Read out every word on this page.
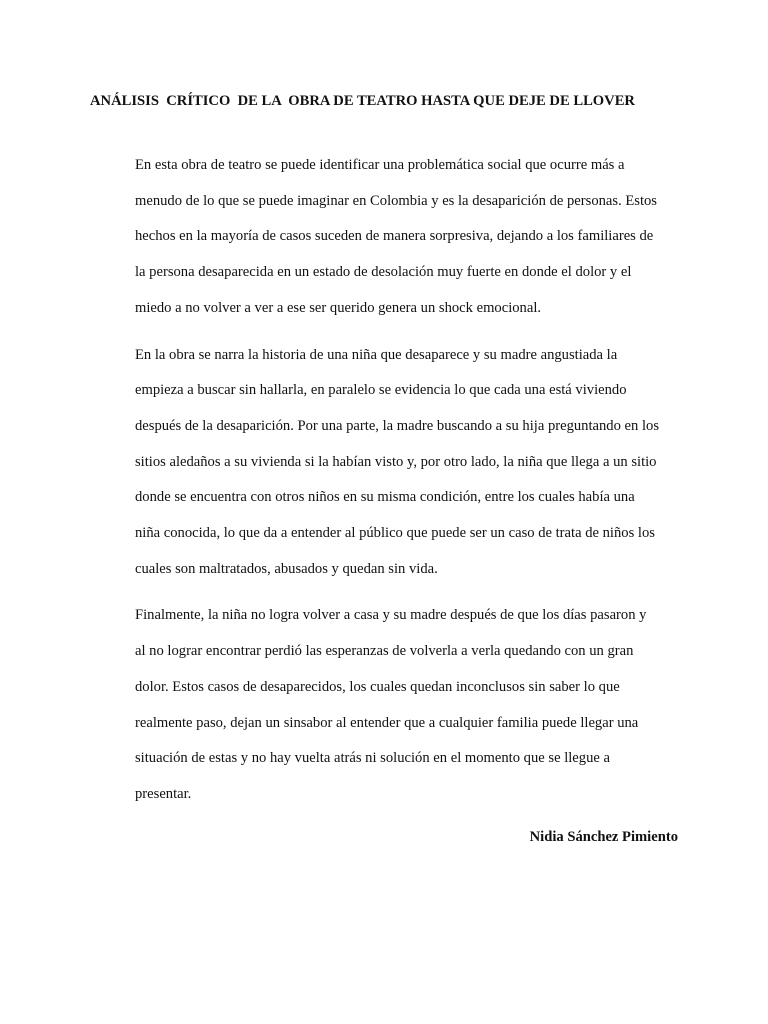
ANÁLISIS  CRÍTICO  DE LA  OBRA DE TEATRO HASTA QUE DEJE DE LLOVER

En esta obra de teatro se puede identificar una problemática social que ocurre más a
menudo de lo que se puede imaginar en Colombia y es la desaparición de personas. Estos
hechos en la mayoría de casos suceden de manera sorpresiva, dejando a los familiares de
la persona desaparecida en un estado de desolación muy fuerte en donde el dolor y el
miedo a no volver a ver a ese ser querido genera un shock emocional.

En la obra se narra la historia de una niña que desaparece y su madre angustiada la
empieza a buscar sin hallarla, en paralelo se evidencia lo que cada una está viviendo
después de la desaparición. Por una parte, la madre buscando a su hija preguntando en los
sitios aledaños a su vivienda si la habían visto y, por otro lado, la niña que llega a un sitio
donde se encuentra con otros niños en su misma condición, entre los cuales había una
niña conocida, lo que da a entender al público que puede ser un caso de trata de niños los
cuales son maltratados, abusados y quedan sin vida.

Finalmente, la niña no logra volver a casa y su madre después de que los días pasaron y
al no lograr encontrar perdió las esperanzas de volverla a verla quedando con un gran
dolor. Estos casos de desaparecidos, los cuales quedan inconclusos sin saber lo que
realmente paso, dejan un sinsabor al entender que a cualquier familia puede llegar una
situación de estas y no hay vuelta atrás ni solución en el momento que se llegue a
presentar.

Nidia Sánchez Pimiento
